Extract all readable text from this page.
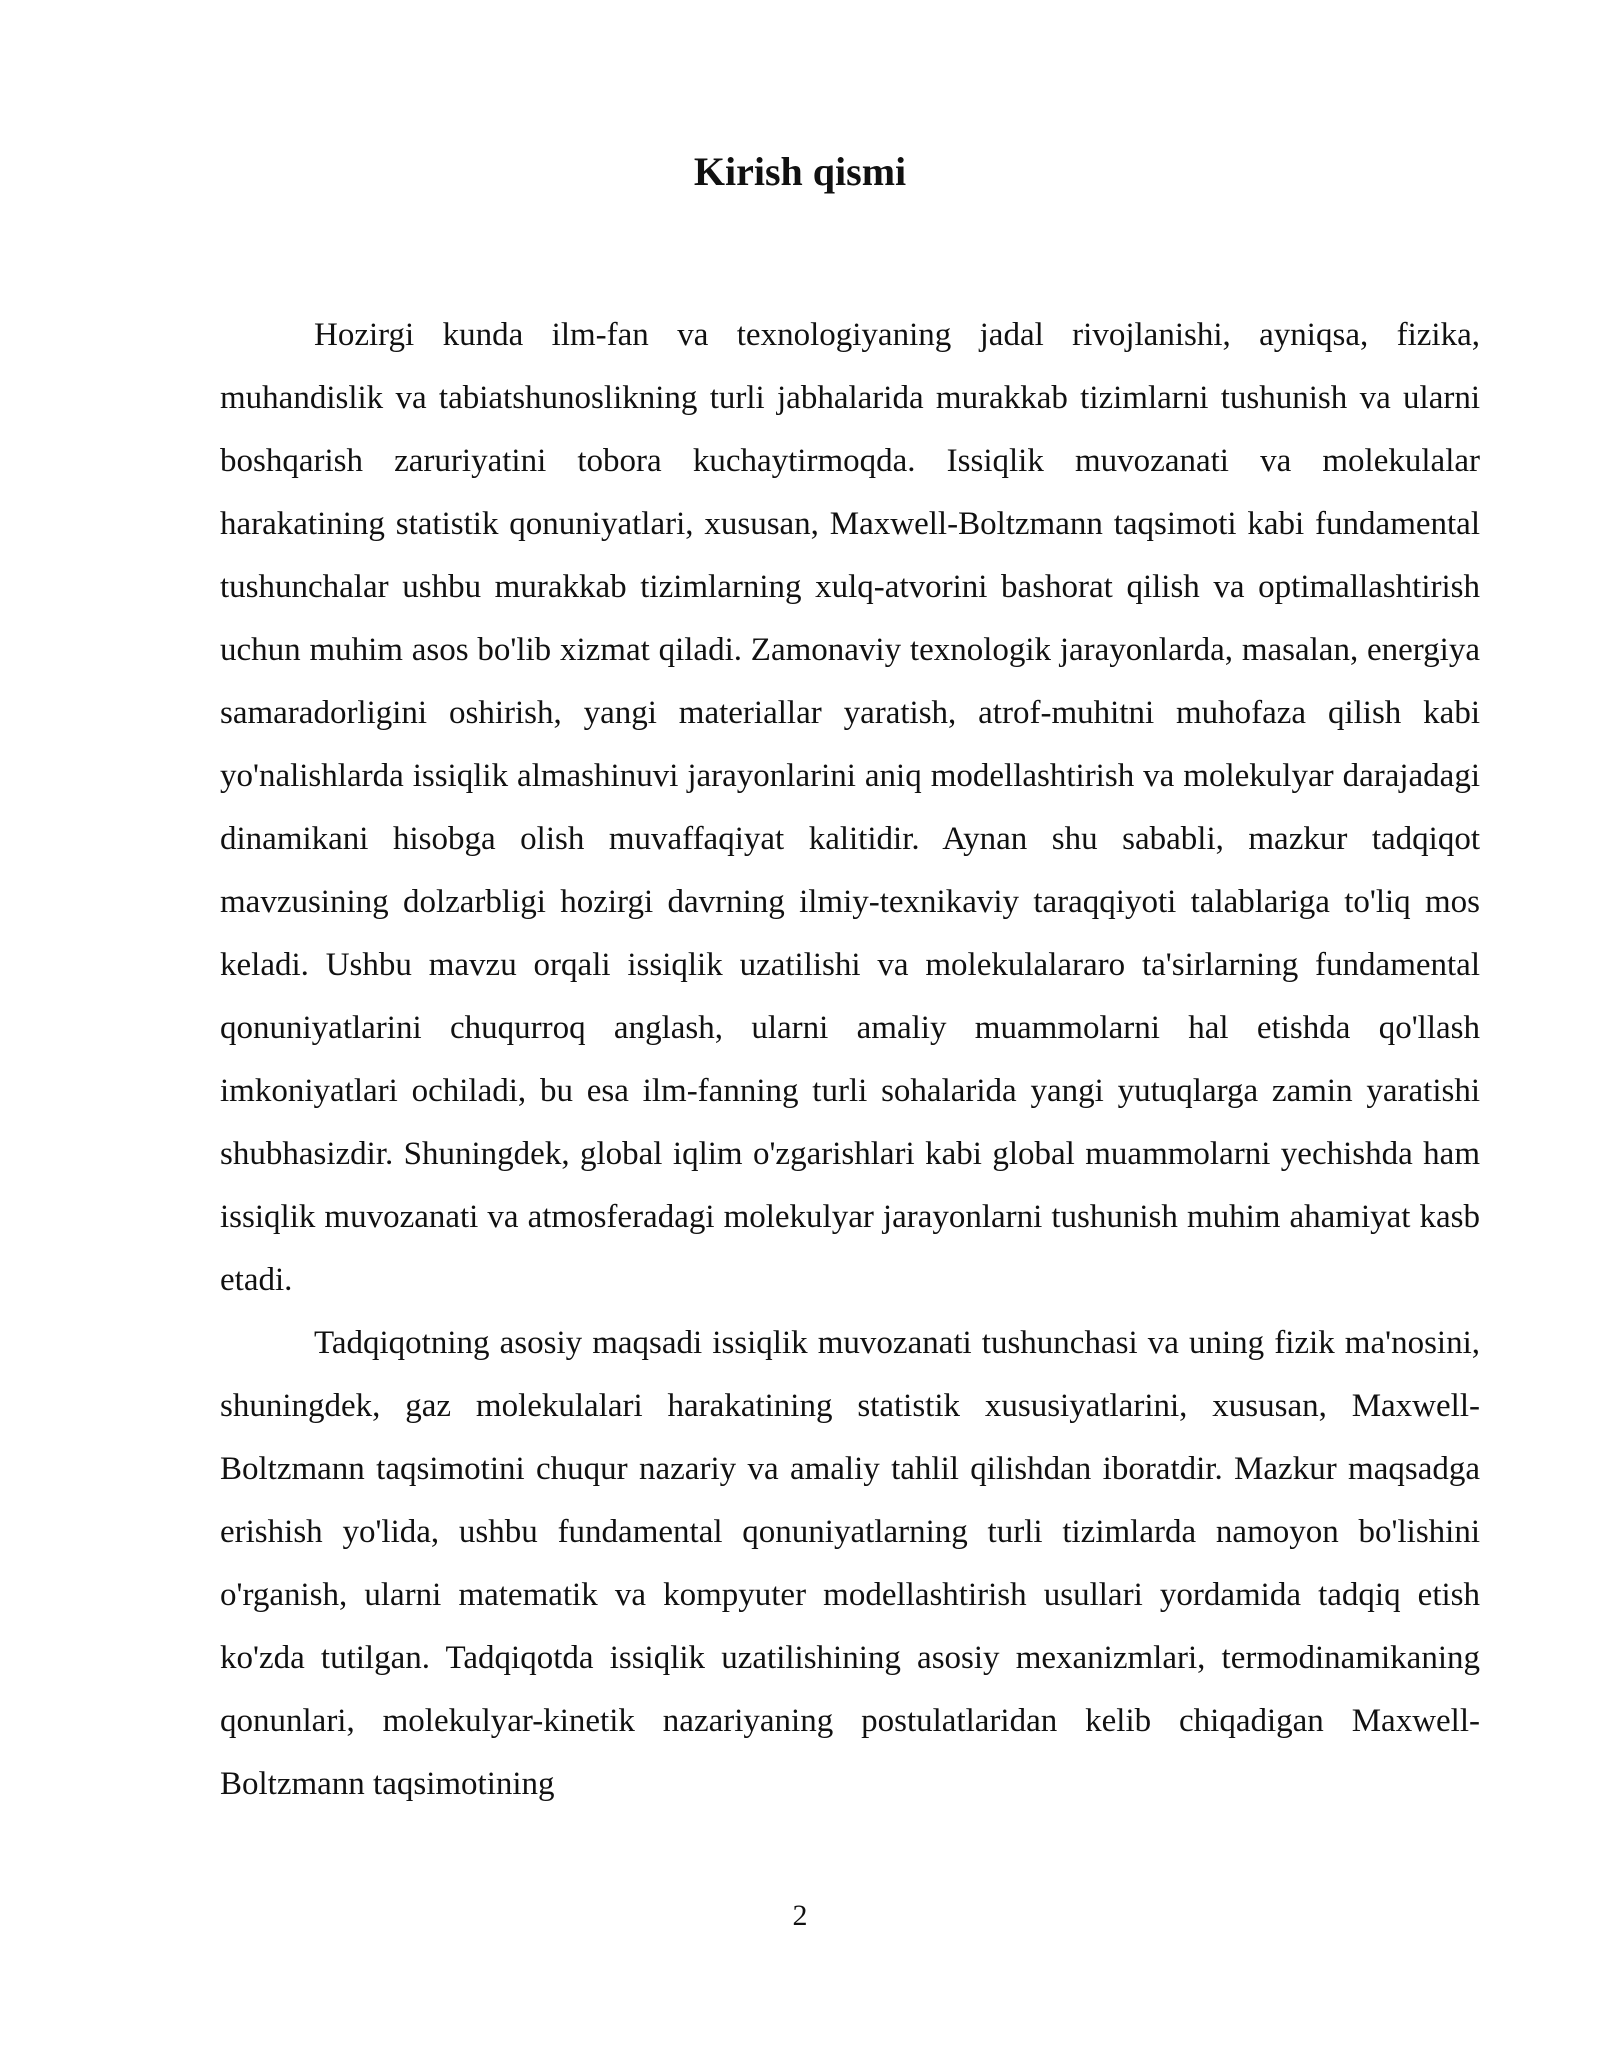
Kirish qismi

Hozirgi kunda ilm-fan va texnologiyaning jadal rivojlanishi, ayniqsa, fizika, muhandislik va tabiatshunoslikning turli jabhalarida murakkab tizimlarni tushunish va ularni boshqarish zaruriyatini tobora kuchaytirmoqda. Issiqlik muvozanati va molekulalar harakatining statistik qonuniyatlari, xususan, Maxwell-Boltzmann taqsimoti kabi fundamental tushunchalar ushbu murakkab tizimlarning xulq-atvorini bashorat qilish va optimallashtirish uchun muhim asos bo'lib xizmat qiladi. Zamonaviy texnologik jarayonlarda, masalan, energiya samaradorligini oshirish, yangi materiallar yaratish, atrof-muhitni muhofaza qilish kabi yo'nalishlarda issiqlik almashinuvi jarayonlarini aniq modellashtirish va molekulyar darajadagi dinamikani hisobga olish muvaffaqiyat kalitidir. Aynan shu sababli, mazkur tadqiqot mavzusining dolzarbligi hozirgi davrning ilmiy-texnikaviy taraqqiyoti talablariga to'liq mos keladi. Ushbu mavzu orqali issiqlik uzatilishi va molekulalararo ta'sirlarning fundamental qonuniyatlarini chuqurroq anglash, ularni amaliy muammolarni hal etishda qo'llash imkoniyatlari ochiladi, bu esa ilm-fanning turli sohalarida yangi yutuqlarga zamin yaratishi shubhasizdir. Shuningdek, global iqlim o'zgarishlari kabi global muammolarni yechishda ham issiqlik muvozanati va atmosferadagi molekulyar jarayonlarni tushunish muhim ahamiyat kasb etadi.

Tadqiqotning asosiy maqsadi issiqlik muvozanati tushunchasi va uning fizik ma'nosini, shuningdek, gaz molekulalari harakatining statistik xususiyatlarini, xususan, Maxwell-Boltzmann taqsimotini chuqur nazariy va amaliy tahlil qilishdan iboratdir. Mazkur maqsadga erishish yo'lida, ushbu fundamental qonuniyatlarning turli tizimlarda namoyon bo'lishini o'rganish, ularni matematik va kompyuter modellashtirish usullari yordamida tadqiq etish ko'zda tutilgan. Tadqiqotda issiqlik uzatilishining asosiy mexanizmlari, termodinamikaning qonunlari, molekulyar-kinetik nazariyaning postulatlaridan kelib chiqadigan Maxwell-Boltzmann taqsimotining

2
